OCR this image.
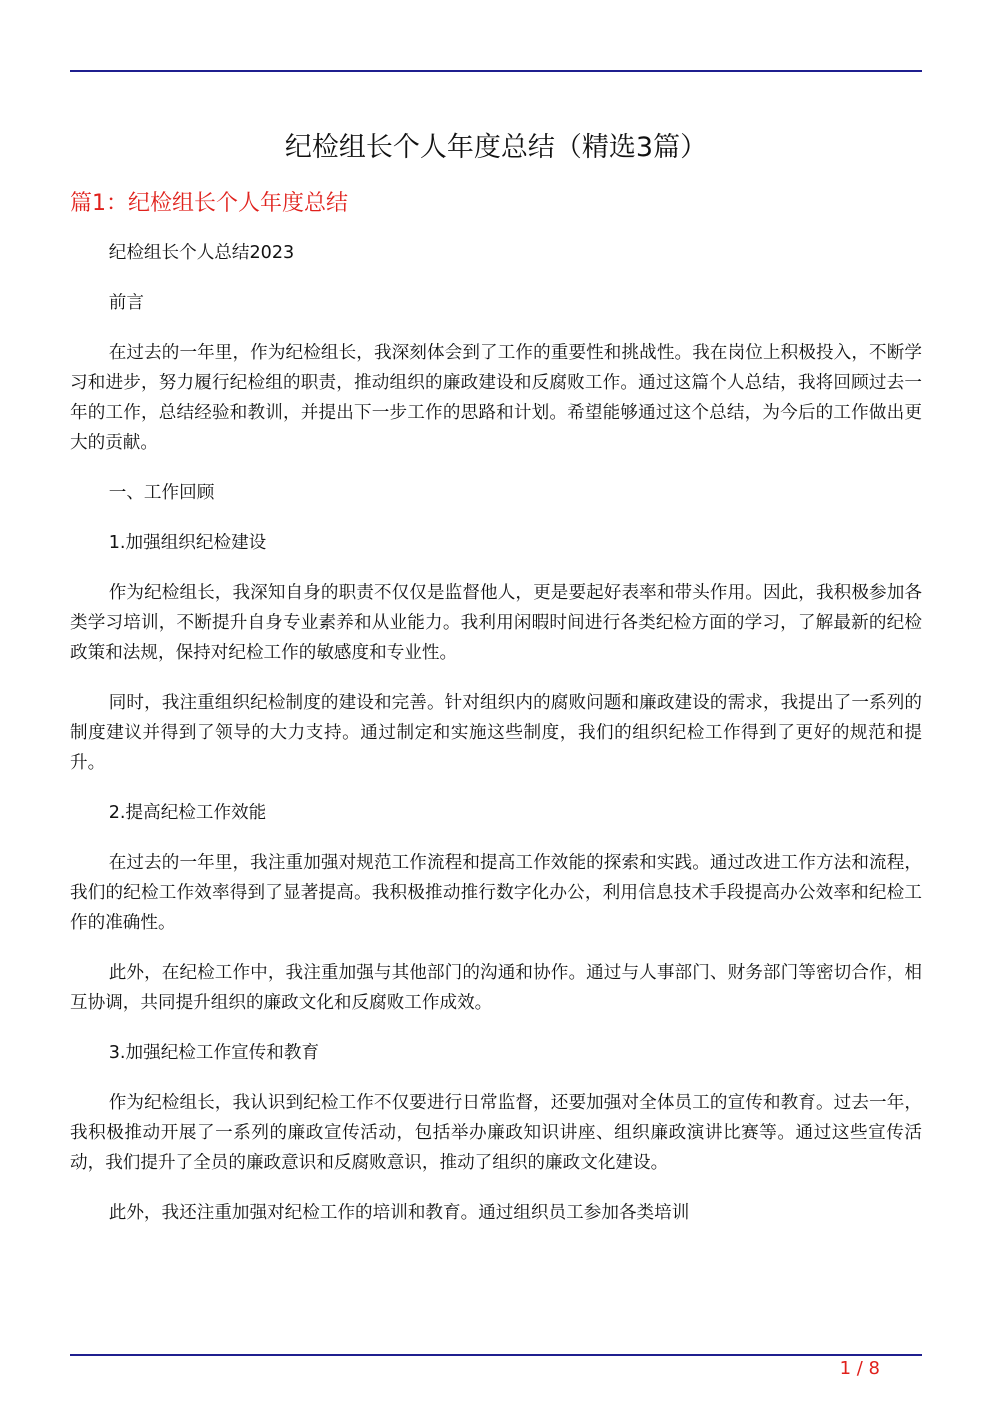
纪检组长个人年度总结（精选3篇）
篇1：纪检组长个人年度总结

纪检组长个人总结2023

前言

在过去的一年里，作为纪检组长，我深刻体会到了工作的重要性和挑战性。我在岗位上积极投入，不断学习和进步，努力履行纪检组的职责，推动组织的廉政建设和反腐败工作。通过这篇个人总结，我将回顾过去一年的工作，总结经验和教训，并提出下一步工作的思路和计划。希望能够通过这个总结，为今后的工作做出更大的贡献。

一、工作回顾

1.加强组织纪检建设

作为纪检组长，我深知自身的职责不仅仅是监督他人，更是要起好表率和带头作用。因此，我积极参加各类学习培训，不断提升自身专业素养和从业能力。我利用闲暇时间进行各类纪检方面的学习，了解最新的纪检政策和法规，保持对纪检工作的敏感度和专业性。

同时，我注重组织纪检制度的建设和完善。针对组织内的腐败问题和廉政建设的需求，我提出了一系列的制度建议并得到了领导的大力支持。通过制定和实施这些制度，我们的组织纪检工作得到了更好的规范和提升。

2.提高纪检工作效能

在过去的一年里，我注重加强对规范工作流程和提高工作效能的探索和实践。通过改进工作方法和流程，我们的纪检工作效率得到了显著提高。我积极推动推行数字化办公，利用信息技术手段提高办公效率和纪检工作的准确性。

此外，在纪检工作中，我注重加强与其他部门的沟通和协作。通过与人事部门、财务部门等密切合作，相互协调，共同提升组织的廉政文化和反腐败工作成效。

3.加强纪检工作宣传和教育

作为纪检组长，我认识到纪检工作不仅要进行日常监督，还要加强对全体员工的宣传和教育。过去一年，我积极推动开展了一系列的廉政宣传活动，包括举办廉政知识讲座、组织廉政演讲比赛等。通过这些宣传活动，我们提升了全员的廉政意识和反腐败意识，推动了组织的廉政文化建设。

此外，我还注重加强对纪检工作的培训和教育。通过组织员工参加各类培训

1 / 8
